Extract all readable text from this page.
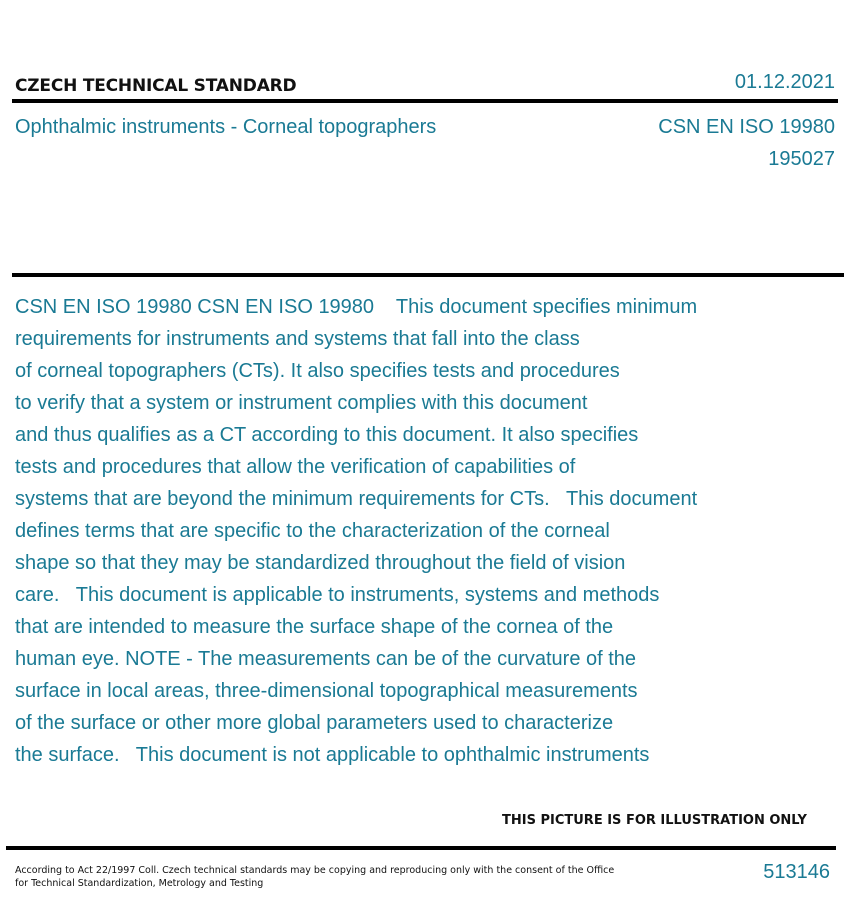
CZECH TECHNICAL STANDARD	01.12.2021
Ophthalmic instruments - Corneal topographers	CSN EN ISO 19980
195027
CSN EN ISO 19980 CSN EN ISO 19980    This document specifies minimum
requirements for instruments and systems that fall into the class
of corneal topographers (CTs). It also specifies tests and procedures
to verify that a system or instrument complies with this document
and thus qualifies as a CT according to this document. It also specifies
tests and procedures that allow the verification of capabilities of
systems that are beyond the minimum requirements for CTs.   This document
defines terms that are specific to the characterization of the corneal
shape so that they may be standardized throughout the field of vision
care.   This document is applicable to instruments, systems and methods
that are intended to measure the surface shape of the cornea of the
human eye. NOTE - The measurements can be of the curvature of the
surface in local areas, three-dimensional topographical measurements
of the surface or other more global parameters used to characterize
the surface.   This document is not applicable to ophthalmic instruments
THIS PICTURE IS FOR ILLUSTRATION ONLY
According to Act 22/1997 Coll. Czech technical standards may be copying and reproducing only with the consent of the Office
for Technical Standardization, Metrology and Testing
513146
